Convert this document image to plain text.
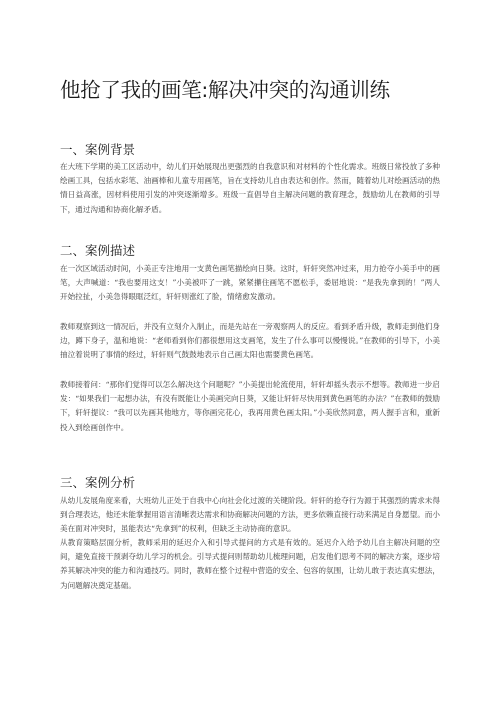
他抢了我的画笔:解决冲突的沟通训练
一、案例背景

在大班下学期的美工区活动中，幼儿们开始展现出更强烈的自我意识和对材料的个性化需求。班级日常投放了多种绘画工具，包括水彩笔、油画棒和儿童专用画笔，旨在支持幼儿自由表达和创作。然而，随着幼儿对绘画活动的热情日益高涨，因材料使用引发的冲突逐渐增多。班级一直倡导自主解决问题的教育理念，鼓励幼儿在教师的引导下，通过沟通和协商化解矛盾。

二、案例描述

在一次区域活动时间，小美正专注地用一支黄色画笔描绘向日葵。这时，轩轩突然冲过来，用力抢夺小美手中的画笔，大声喊道：“我也要用这支！”小美被吓了一跳，紧紧攥住画笔不愿松手，委屈地说：“是我先拿到的！”两人开始拉扯，小美急得眼眶泛红，轩轩则涨红了脸，情绪愈发激动。

教师观察到这一情况后，并没有立刻介入制止，而是先站在一旁观察两人的反应。看到矛盾升级，教师走到他们身边，蹲下身子，温和地说：“老师看到你们都很想用这支画笔，发生了什么事可以慢慢说。”在教师的引导下，小美抽泣着说明了事情的经过，轩轩则气鼓鼓地表示自己画太阳也需要黄色画笔。

教师接着问：“那你们觉得可以怎么解决这个问题呢？”小美提出轮流使用，轩轩却摇头表示不想等。教师进一步启发：“如果我们一起想办法，有没有既能让小美画完向日葵，又能让轩轩尽快用到黄色画笔的办法？”在教师的鼓励下，轩轩提议：“我可以先画其他地方，等你画完花心，我再用黄色画太阳。”小美欣然同意，两人握手言和，重新投入到绘画创作中。

三、案例分析

从幼儿发展角度来看，大班幼儿正处于自我中心向社会化过渡的关键阶段。轩轩的抢夺行为源于其强烈的需求未得到合理表达，他还未能掌握用语言清晰表达需求和协商解决问题的方法，更多依赖直接行动来满足自身愿望。而小美在面对冲突时，虽能表达“先拿到”的权利，但缺乏主动协商的意识。

从教育策略层面分析，教师采用的延迟介入和引导式提问的方式是有效的。延迟介入给予幼儿自主解决问题的空间，避免直接干预剥夺幼儿学习的机会。引导式提问则帮助幼儿梳理问题，启发他们思考不同的解决方案，逐步培养其解决冲突的能力和沟通技巧。同时，教师在整个过程中营造的安全、包容的氛围，让幼儿敢于表达真实想法，为问题解决奠定基础。
